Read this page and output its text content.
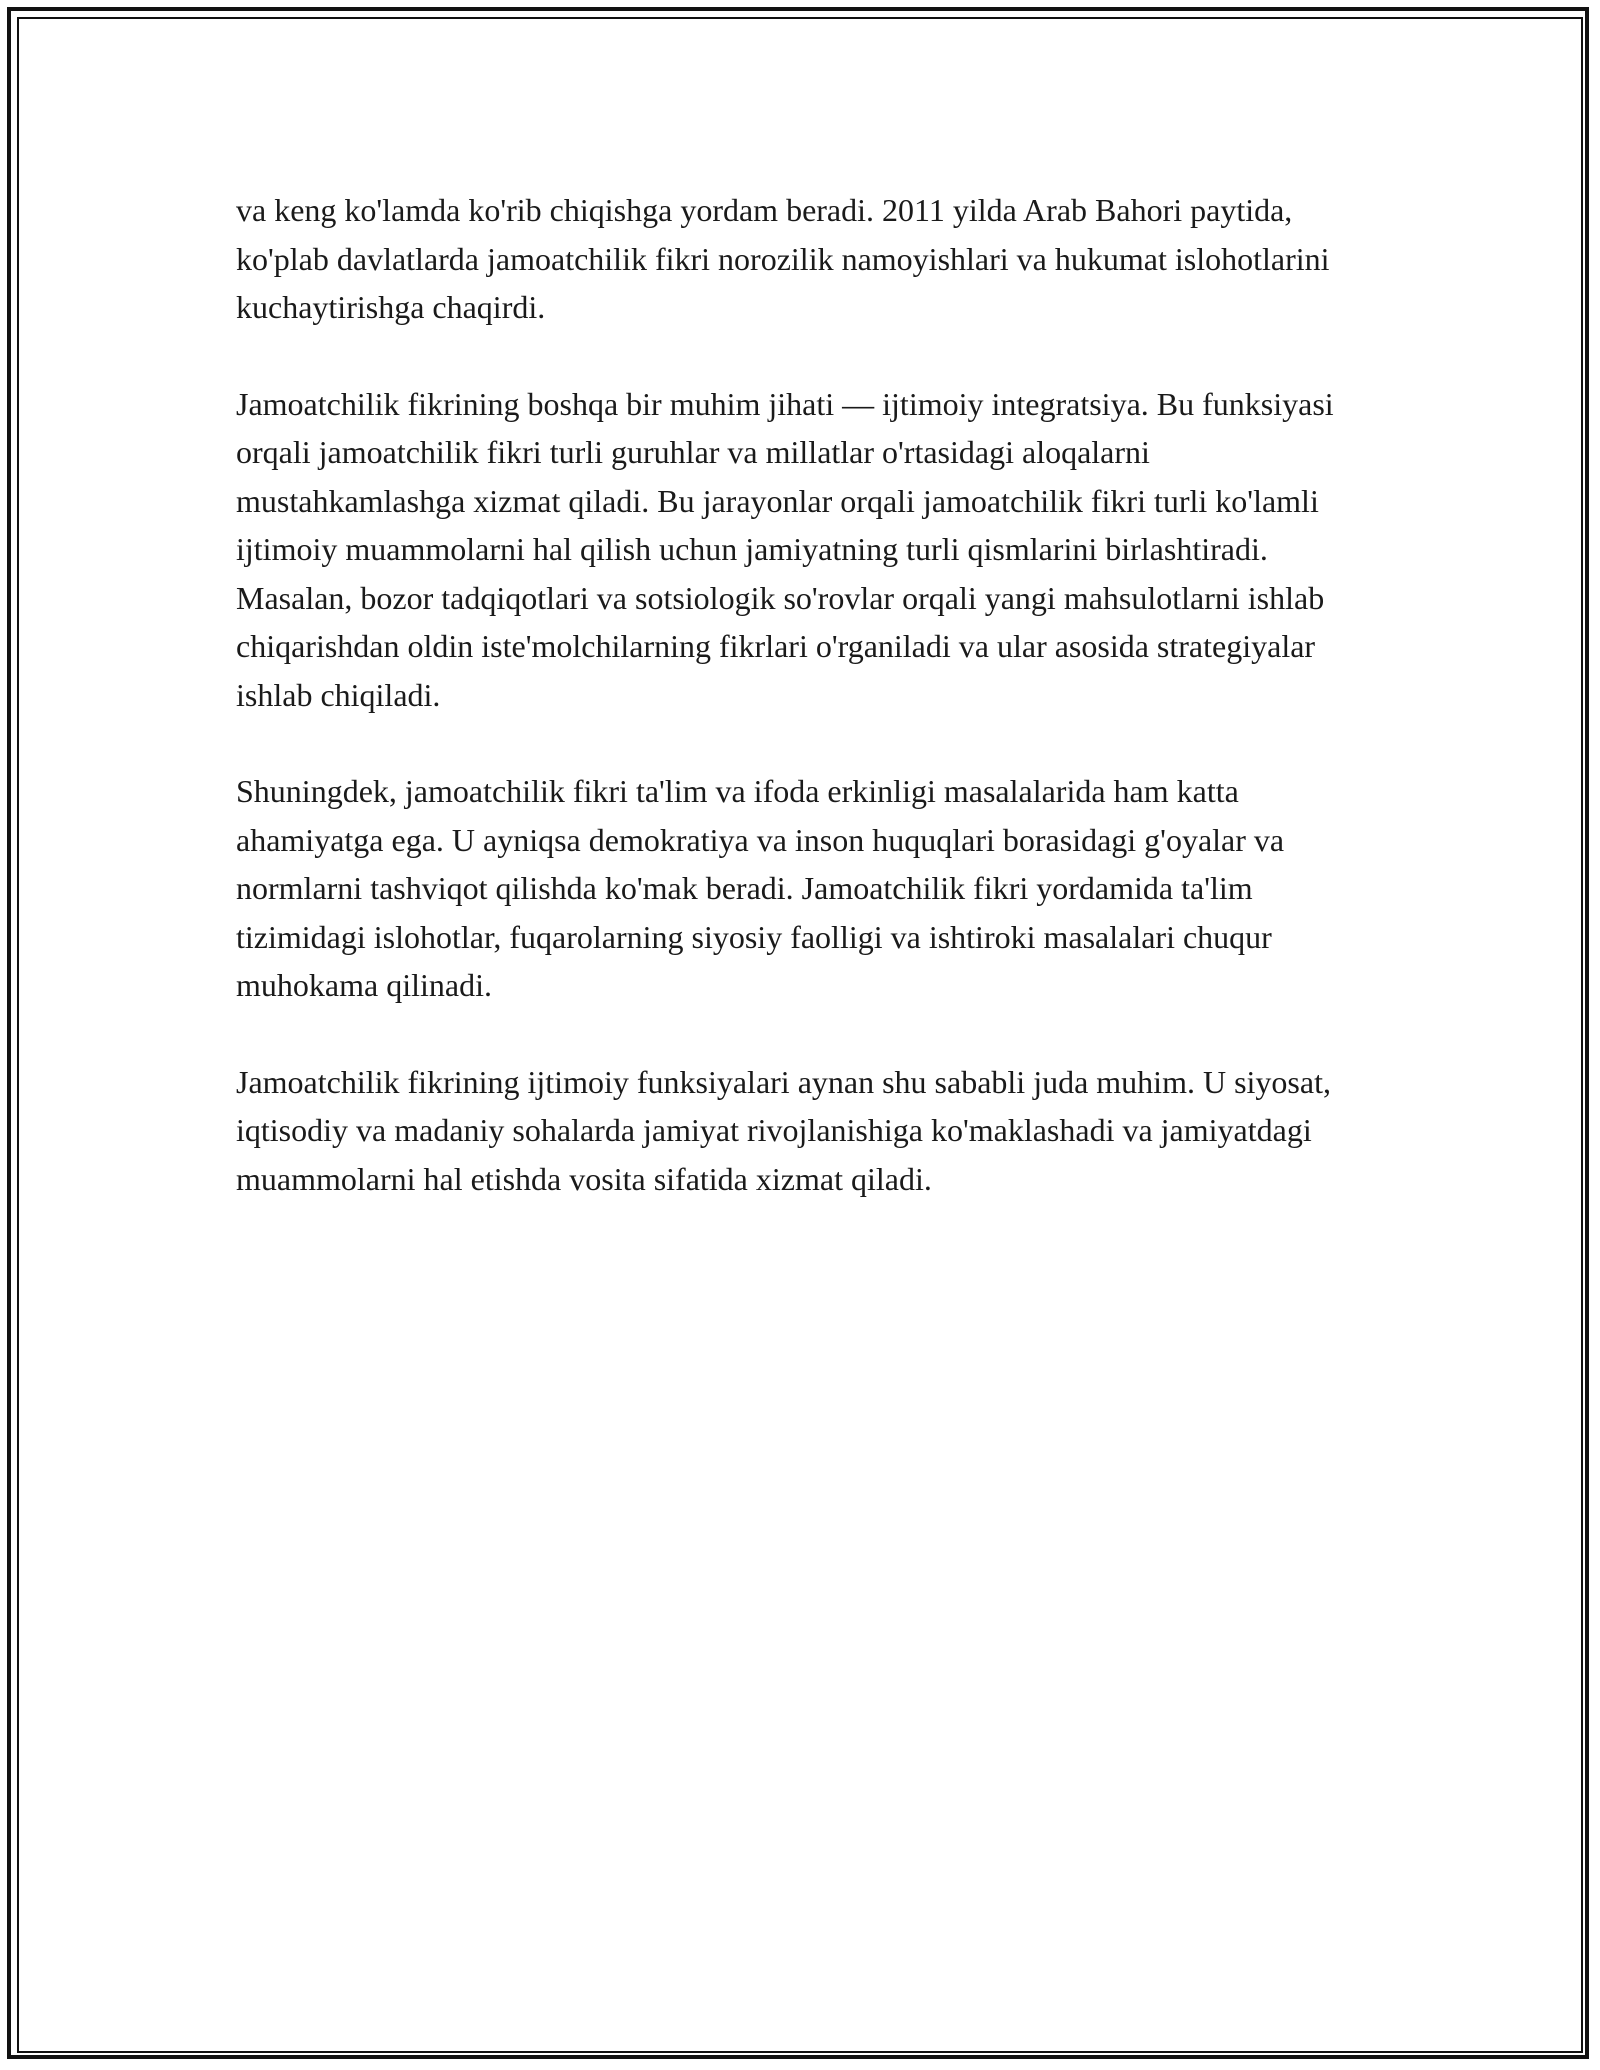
va keng ko'lamda ko'rib chiqishga yordam beradi. 2011 yilda Arab Bahori paytida, ko'plab davlatlarda jamoatchilik fikri norozilik namoyishlari va hukumat islohotlarini kuchaytirishga chaqirdi.

Jamoatchilik fikrining boshqa bir muhim jihati — ijtimoiy integratsiya. Bu funksiyasi orqali jamoatchilik fikri turli guruhlar va millatlar o'rtasidagi aloqalarni mustahkamlashga xizmat qiladi. Bu jarayonlar orqali jamoatchilik fikri turli ko'lamli ijtimoiy muammolarni hal qilish uchun jamiyatning turli qismlarini birlashtiradi. Masalan, bozor tadqiqotlari va sotsiologik so'rovlar orqali yangi mahsulotlarni ishlab chiqarishdan oldin iste'molchilarning fikrlari o'rganiladi va ular asosida strategiyalar ishlab chiqiladi.

Shuningdek, jamoatchilik fikri ta'lim va ifoda erkinligi masalalarida ham katta ahamiyatga ega. U ayniqsa demokratiya va inson huquqlari borasidagi g'oyalar va normlarni tashviqot qilishda ko'mak beradi. Jamoatchilik fikri yordamida ta'lim tizimidagi islohotlar, fuqarolarning siyosiy faolligi va ishtiroki masalalari chuqur muhokama qilinadi.

Jamoatchilik fikrining ijtimoiy funksiyalari aynan shu sababli juda muhim. U siyosat, iqtisodiy va madaniy sohalarda jamiyat rivojlanishiga ko'maklashadi va jamiyatdagi muammolarni hal etishda vosita sifatida xizmat qiladi.
